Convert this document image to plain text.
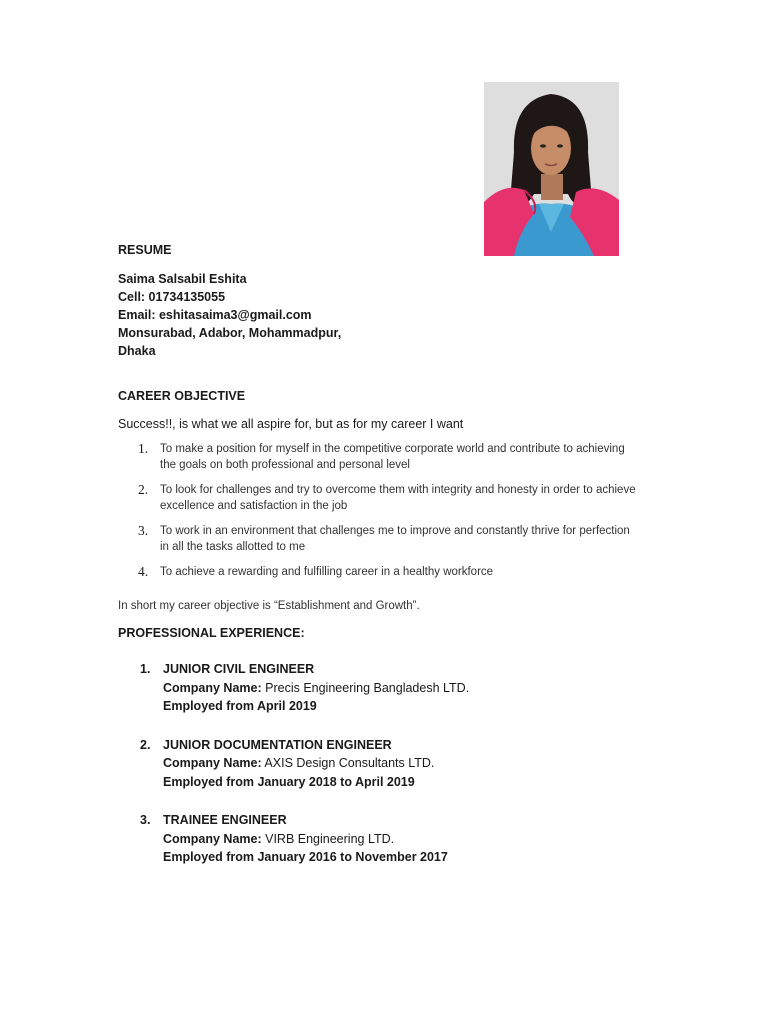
RESUME
Saima Salsabil Eshita
Cell: 01734135055
Email: eshitasaima3@gmail.com
Monsurabad, Adabor, Mohammadpur,
Dhaka
CAREER OBJECTIVE
Success!!, is what we all aspire for, but as for my career I want
1. To make a position for myself in the competitive corporate world and contribute to achieving the goals on both professional and personal level
2. To look for challenges and try to overcome them with integrity and honesty in order to achieve excellence and satisfaction in the job
3. To work in an environment that challenges me to improve and constantly thrive for perfection in all the tasks allotted to me
4. To achieve a rewarding and fulfilling career in a healthy workforce
In short my career objective is “Establishment and Growth”.
PROFESSIONAL EXPERIENCE:
1. JUNIOR CIVIL ENGINEER
Company Name: Precis Engineering Bangladesh LTD.
Employed from April 2019
2. JUNIOR DOCUMENTATION ENGINEER
Company Name: AXIS Design Consultants LTD.
Employed from January 2018 to April 2019
3. TRAINEE ENGINEER
Company Name: VIRB Engineering LTD.
Employed from January 2016 to November 2017
